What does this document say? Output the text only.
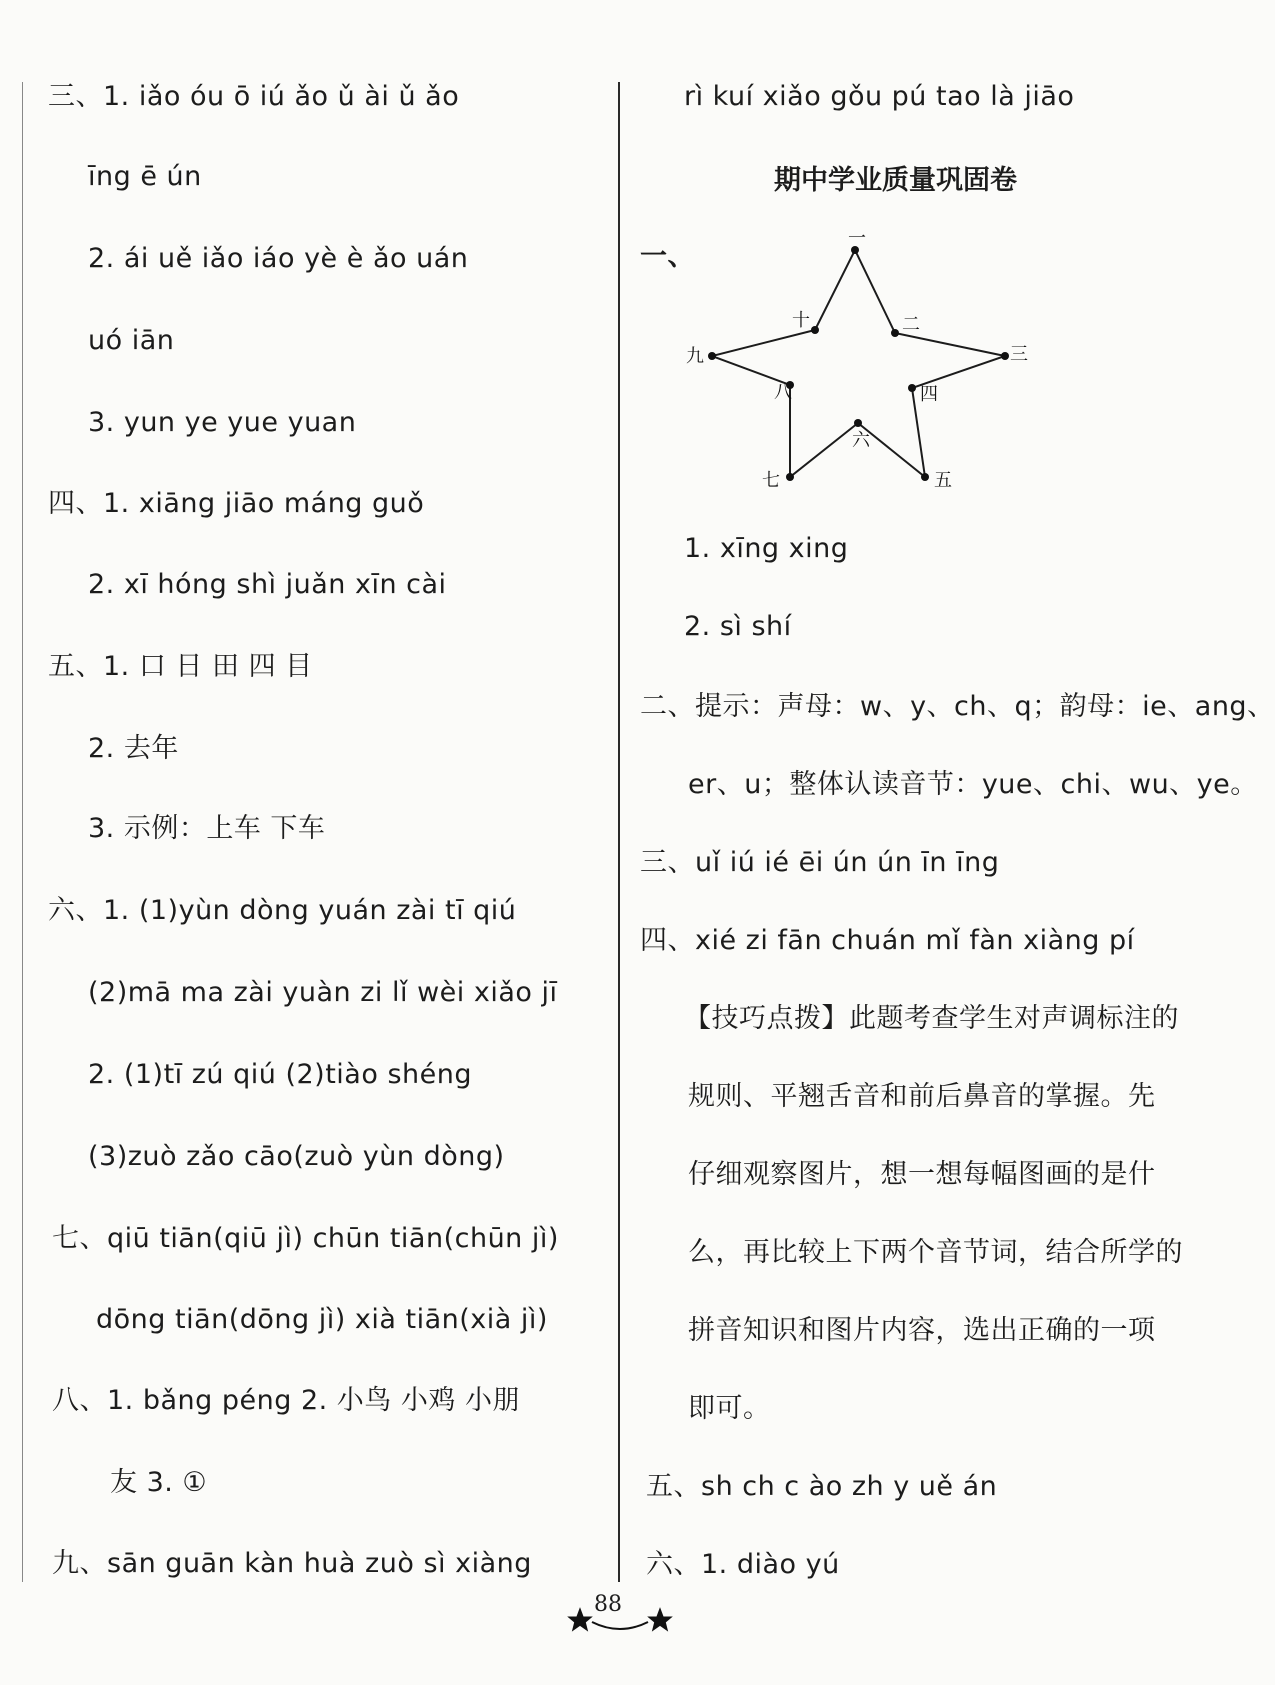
三、1. iǎo óu ō iú ǎo ǔ ài ǔ ǎo
īng ē ún
2. ái uě iǎo iáo yè è ǎo uán
uó iān
3. yun ye yue yuan
四、1. xiāng jiāo máng guǒ
2. xī hóng shì juǎn xīn cài
五、1. 口 日 田 四 目
2. 去年
3. 示例：上车 下车
六、1. (1)yùn dòng yuán zài tī qiú
(2)mā ma zài yuàn zi lǐ wèi xiǎo jī
2. (1)tī zú qiú (2)tiào shéng
(3)zuò zǎo cāo(zuò yùn dòng)
七、qiū tiān(qiū jì) chūn tiān(chūn jì)
dōng tiān(dōng jì) xià tiān(xià jì)
八、1. bǎng péng 2. 小鸟 小鸡 小朋
友 3. ①
九、sān guān kàn huà zuò sì xiàng
rì kuí xiǎo gǒu pú tao là jiāo
期中学业质量巩固卷
一、
一
二
三
四
五
六
七
八
九
十
1. xīng xing
2. sì shí
二、提示：声母：w、y、ch、q；韵母：ie、ang、
er、u；整体认读音节：yue、chi、wu、ye。
三、uǐ iú ié ēi ún ún īn īng
四、xié zi fān chuán mǐ fàn xiàng pí
【技巧点拨】此题考查学生对声调标注的
规则、平翘舌音和前后鼻音的掌握。先
仔细观察图片，想一想每幅图画的是什
么，再比较上下两个音节词，结合所学的
拼音知识和图片内容，选出正确的一项
即可。
五、sh ch c ào zh y uě án
六、1. diào yú
88
